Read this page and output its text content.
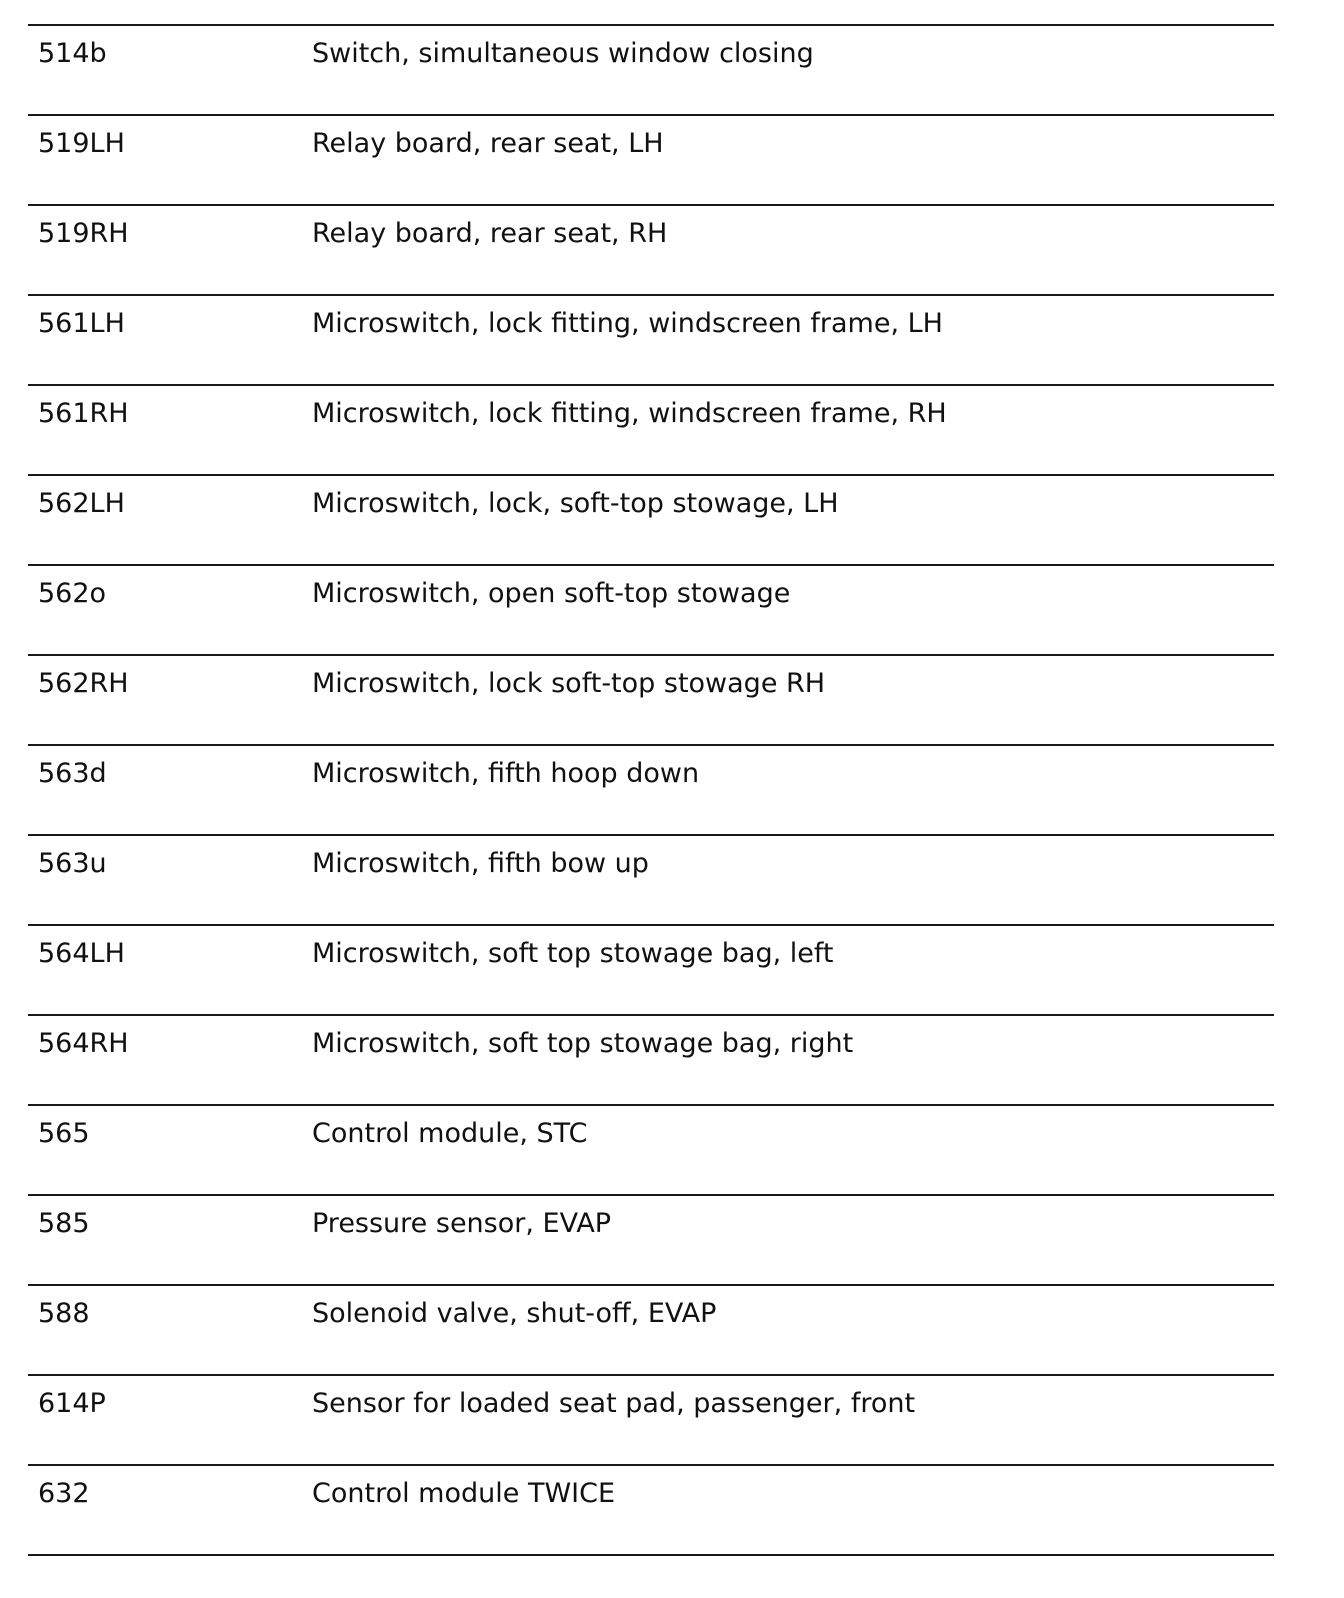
514b	Switch, simultaneous window closing
519LH	Relay board, rear seat, LH
519RH	Relay board, rear seat, RH
561LH	Microswitch, lock fitting, windscreen frame, LH
561RH	Microswitch, lock fitting, windscreen frame, RH
562LH	Microswitch, lock, soft-top stowage, LH
562o	Microswitch, open soft-top stowage
562RH	Microswitch, lock soft-top stowage RH
563d	Microswitch, fifth hoop down
563u	Microswitch, fifth bow up
564LH	Microswitch, soft top stowage bag, left
564RH	Microswitch, soft top stowage bag, right
565	Control module, STC
585	Pressure sensor, EVAP
588	Solenoid valve, shut-off, EVAP
614P	Sensor for loaded seat pad, passenger, front
632	Control module TWICE
